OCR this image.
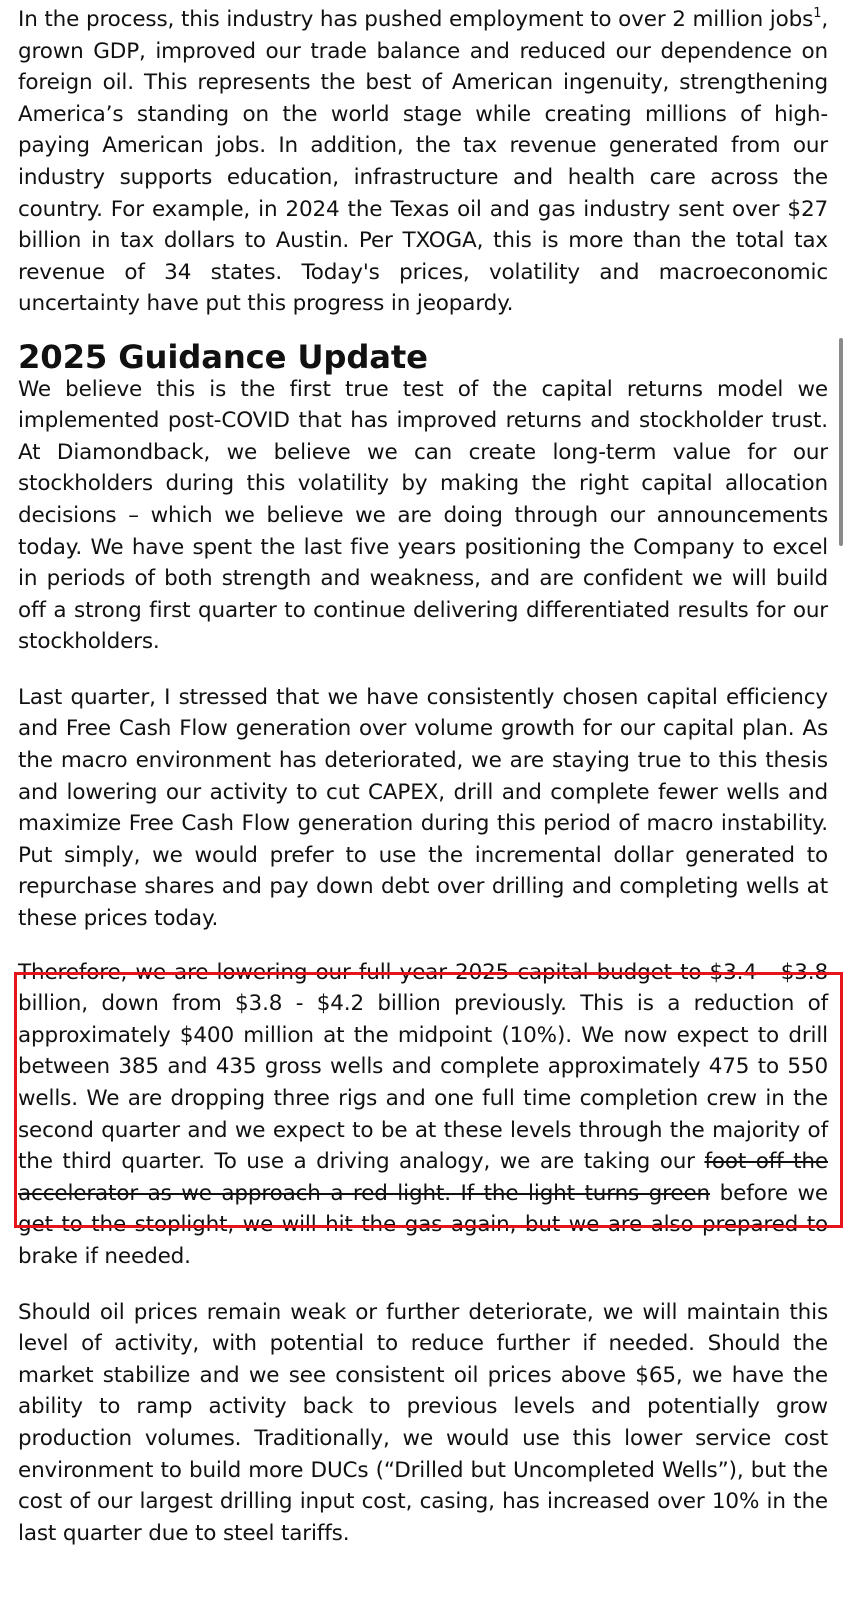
In the process, this industry has pushed employment to over 2 million jobs$^1$, grown GDP, improved our trade balance and reduced our dependence on foreign oil. This represents the best of American ingenuity, strengthening America’s standing on the world stage while creating millions of high-paying American jobs. In addition, the tax revenue generated from our industry supports education, infrastructure and health care across the country. For example, in 2024 the Texas oil and gas industry sent over $27 billion in tax dollars to Austin. Per TXOGA, this is more than the total tax revenue of 34 states. Today's prices, volatility and macroeconomic uncertainty have put this progress in jeopardy.

2025 Guidance Update

We believe this is the first true test of the capital returns model we implemented post-COVID that has improved returns and stockholder trust. At Diamondback, we believe we can create long-term value for our stockholders during this volatility by making the right capital allocation decisions – which we believe we are doing through our announcements today. We have spent the last five years positioning the Company to excel in periods of both strength and weakness, and are confident we will build off a strong first quarter to continue delivering differentiated results for our stockholders.

Last quarter, I stressed that we have consistently chosen capital efficiency and Free Cash Flow generation over volume growth for our capital plan. As the macro environment has deteriorated, we are staying true to this thesis and lowering our activity to cut CAPEX, drill and complete fewer wells and maximize Free Cash Flow generation during this period of macro instability. Put simply, we would prefer to use the incremental dollar generated to repurchase shares and pay down debt over drilling and completing wells at these prices today.

Therefore, we are lowering our full year 2025 capital budget to $3.4 - $3.8 billion, down from $3.8 - $4.2 billion previously. This is a reduction of approximately $400 million at the midpoint (10%). We now expect to drill between 385 and 435 gross wells and complete approximately 475 to 550 wells. We are dropping three rigs and one full time completion crew in the second quarter and we expect to be at these levels through the majority of the third quarter. To use a driving analogy, we are taking our foot off the accelerator as we approach a red light. If the light turns green before we get to the stoplight, we will hit the gas again, but we are also prepared to brake if needed.

Should oil prices remain weak or further deteriorate, we will maintain this level of activity, with potential to reduce further if needed. Should the market stabilize and we see consistent oil prices above $65, we have the ability to ramp activity back to previous levels and potentially grow production volumes. Traditionally, we would use this lower service cost environment to build more DUCs (“Drilled but Uncompleted Wells”), but the cost of our largest drilling input cost, casing, has increased over 10% in the last quarter due to steel tariffs.
